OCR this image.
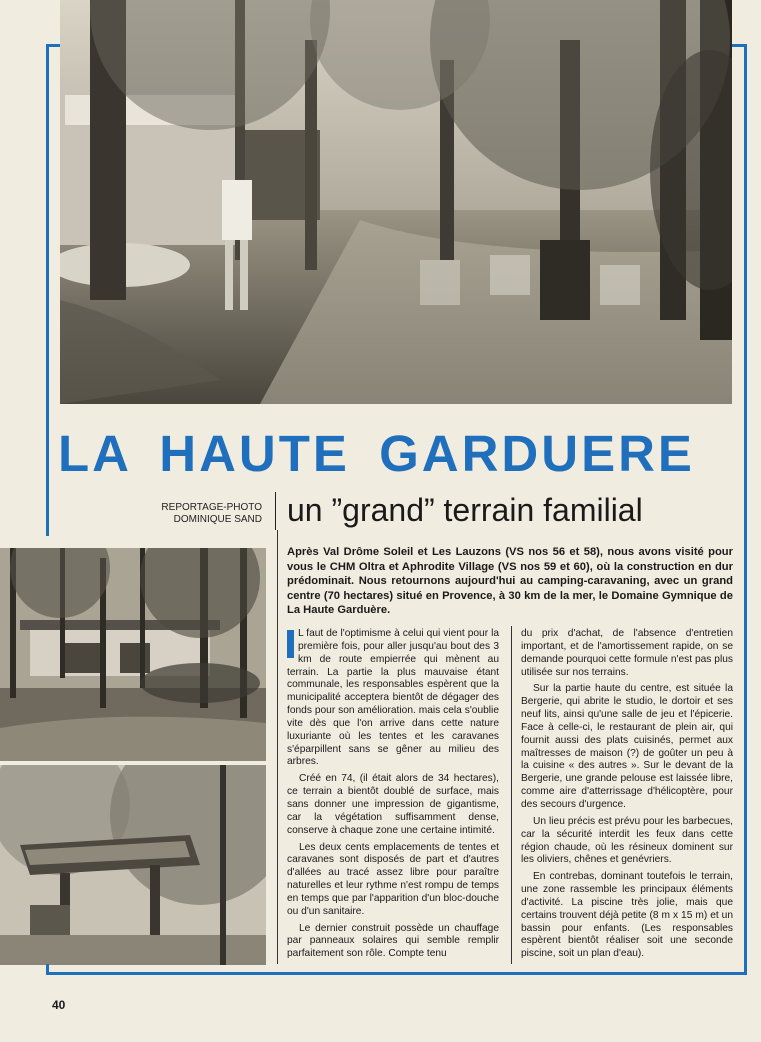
LA HAUTE GARDUERE
REPORTAGE-PHOTO
DOMINIQUE SAND un ”grand” terrain familial
Après Val Drôme Soleil et Les Lauzons (VS nos 56 et 58), nous avons visité pour vous le CHM Oltra et Aphrodite Village (VS nos 59 et 60), où la construction en dur prédominait. Nous retournons aujourd'hui au camping-caravaning, avec un grand centre (70 hectares) situé en Provence, à 30 km de la mer, le Domaine Gymnique de La Haute Garduère.

L faut de l'optimisme à celui qui vient pour la première fois, pour aller jusqu'au bout des 3 km de route empierrée qui mènent au terrain. La partie la plus mauvaise étant communale, les responsables espèrent que la municipalité acceptera bientôt de dégager des fonds pour son amélioration. mais cela s'oublie vite dès que l'on arrive dans cette nature luxuriante où les tentes et les caravanes s'éparpillent sans se gêner au milieu des arbres.

Créé en 74, (il était alors de 34 hectares), ce terrain a bientôt doublé de surface, mais sans donner une impression de gigantisme, car la végétation suffisamment dense, conserve à chaque zone une certaine intimité.

Les deux cents emplacements de tentes et caravanes sont disposés de part et d'autres d'allées au tracé assez libre pour paraître naturelles et leur rythme n'est rompu de temps en temps que par l'apparition d'un bloc-douche ou d'un sanitaire.

Le dernier construit possède un chauffage par panneaux solaires qui semble remplir parfaitement son rôle. Compte tenu

du prix d'achat, de l'absence d'entretien important, et de l'amortissement rapide, on se demande pourquoi cette formule n'est pas plus utilisée sur nos terrains.

Sur la partie haute du centre, est située la Bergerie, qui abrite le studio, le dortoir et ses neuf lits, ainsi qu'une salle de jeu et l'épicerie. Face à celle-ci, le restaurant de plein air, qui fournit aussi des plats cuisinés, permet aux maîtresses de maison (?) de goûter un peu à la cuisine « des autres ». Sur le devant de la Bergerie, une grande pelouse est laissée libre, comme aire d'atterrissage d'hélicoptère, pour des secours d'urgence.

Un lieu précis est prévu pour les barbecues, car la sécurité interdit les feux dans cette région chaude, où les résineux dominent sur les oliviers, chênes et genévriers.

En contrebas, dominant toutefois le terrain, une zone rassemble les principaux éléments d'activité. La piscine très jolie, mais que certains trouvent déjà petite (8 m x 15 m) et un bassin pour enfants. (Les responsables espèrent bientôt réaliser soit une seconde piscine, soit un plan d'eau).

40
